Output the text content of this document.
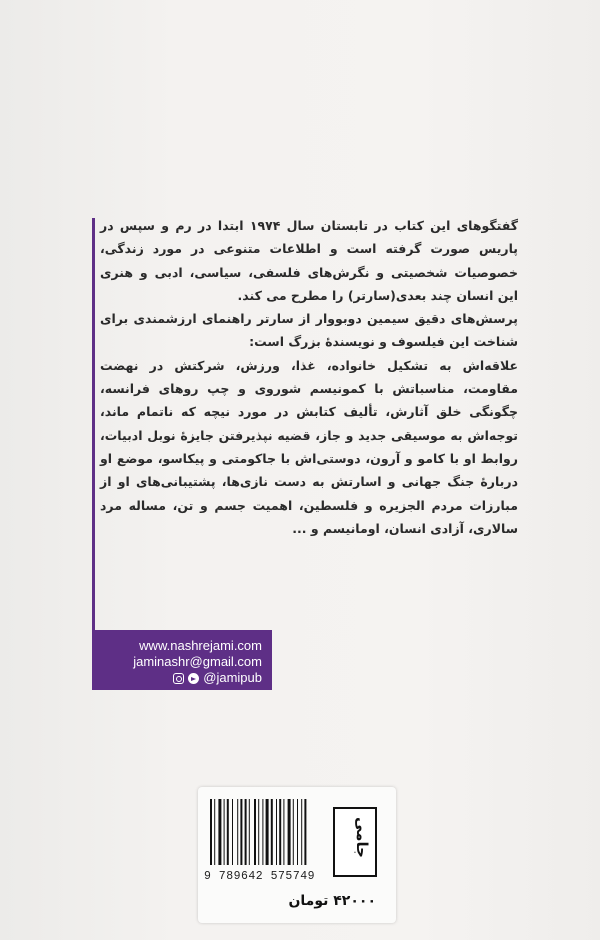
گفتگوهای این کتاب در تابستان سال ۱۹۷۴ ابتدا در رم و سپس در پاریس صورت گرفته است و اطلاعات متنوعی در مورد زندگی، خصوصیات شخصیتی و نگرش‌های فلسفی، سیاسی، ادبی و هنری این انسان چند بعدی(سارتر) را مطرح می کند.

پرسش‌های دقیق سیمین دوبووار از سارتر راهنمای ارزشمندی برای شناخت این فیلسوف و نویسندهٔ بزرگ است:

علاقه‌اش به تشکیل خانواده، غذا، ورزش، شرکتش در نهضت مقاومت، مناسباتش با کمونیسم شوروی و چپ روهای فرانسه، چگونگی خلق آثارش، تألیف کتابش در مورد نیچه که ناتمام ماند، توجه‌اش به موسیقی جدید و جاز، قضیه نپذیرفتن جایزهٔ نوبل ادبیات، روابط او با کامو و آرون، دوستی‌اش با جاکومتی و پیکاسو، موضع او دربارهٔ جنگ جهانی و اسارتش به دست نازی‌ها، پشتیبانی‌های او از مبارزات مردم الجزیره و فلسطین، اهمیت جسم و تن، مساله مرد سالاری، آزادی انسان، اومانیسم و ...

www.nashrejami.com
jaminashr@gmail.com
@jamipub
9 789642 575749
۴۲۰۰۰ تومان
جامی
